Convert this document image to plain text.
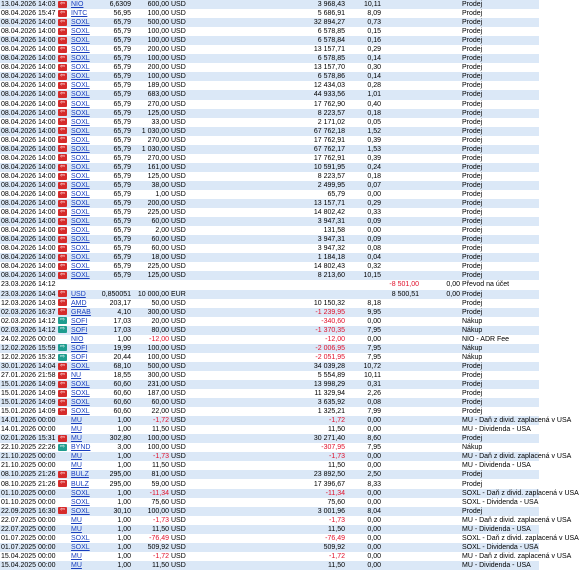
13.04.2026 14:03	⇦	NIO	6,6309	600,00	USD	3 968,43	10,11			Prodej
08.04.2026 15:47	⇦	INTC	56,95	100,00	USD	5 686,91	8,09			Prodej
08.04.2026 14:00	⇦	SOXL	65,79	500,00	USD	32 894,27	0,73			Prodej
08.04.2026 14:00	⇦	SOXL	65,79	100,00	USD	6 578,85	0,15			Prodej
08.04.2026 14:00	⇦	SOXL	65,79	100,00	USD	6 578,84	0,16			Prodej
08.04.2026 14:00	⇦	SOXL	65,79	200,00	USD	13 157,71	0,29			Prodej
08.04.2026 14:00	⇦	SOXL	65,79	100,00	USD	6 578,85	0,14			Prodej
08.04.2026 14:00	⇦	SOXL	65,79	200,00	USD	13 157,70	0,30			Prodej
08.04.2026 14:00	⇦	SOXL	65,79	100,00	USD	6 578,86	0,14			Prodej
08.04.2026 14:00	⇦	SOXL	65,79	189,00	USD	12 434,03	0,28			Prodej
08.04.2026 14:00	⇦	SOXL	65,79	683,00	USD	44 933,56	1,01			Prodej
08.04.2026 14:00	⇦	SOXL	65,79	270,00	USD	17 762,90	0,40			Prodej
08.04.2026 14:00	⇦	SOXL	65,79	125,00	USD	8 223,57	0,18			Prodej
08.04.2026 14:00	⇦	SOXL	65,79	33,00	USD	2 171,02	0,05			Prodej
08.04.2026 14:00	⇦	SOXL	65,79	1 030,00	USD	67 762,18	1,52			Prodej
08.04.2026 14:00	⇦	SOXL	65,79	270,00	USD	17 762,91	0,39			Prodej
08.04.2026 14:00	⇦	SOXL	65,79	1 030,00	USD	67 762,17	1,53			Prodej
08.04.2026 14:00	⇦	SOXL	65,79	270,00	USD	17 762,91	0,39			Prodej
08.04.2026 14:00	⇦	SOXL	65,79	161,00	USD	10 591,95	0,24			Prodej
08.04.2026 14:00	⇦	SOXL	65,79	125,00	USD	8 223,57	0,18			Prodej
08.04.2026 14:00	⇦	SOXL	65,79	38,00	USD	2 499,95	0,07			Prodej
08.04.2026 14:00	⇦	SOXL	65,79	1,00	USD	65,79	0,00			Prodej
08.04.2026 14:00	⇦	SOXL	65,79	200,00	USD	13 157,71	0,29			Prodej
08.04.2026 14:00	⇦	SOXL	65,79	225,00	USD	14 802,42	0,33			Prodej
08.04.2026 14:00	⇦	SOXL	65,79	60,00	USD	3 947,31	0,09			Prodej
08.04.2026 14:00	⇦	SOXL	65,79	2,00	USD	131,58	0,00			Prodej
08.04.2026 14:00	⇦	SOXL	65,79	60,00	USD	3 947,31	0,09			Prodej
08.04.2026 14:00	⇦	SOXL	65,79	60,00	USD	3 947,32	0,08			Prodej
08.04.2026 14:00	⇦	SOXL	65,79	18,00	USD	1 184,18	0,04			Prodej
08.04.2026 14:00	⇦	SOXL	65,79	225,00	USD	14 802,43	0,32			Prodej
08.04.2026 14:00	⇦	SOXL	65,79	125,00	USD	8 213,60	10,15			Prodej
23.03.2026 14:12								-8 501,00	0,00	Převod na účet
23.03.2026 14:04	⇦	USD	0,850051	10 000,00	EUR			8 500,51	0,00	Prodej
12.03.2026 14:03	⇦	AMD	203,17	50,00	USD	10 150,32	8,18			Prodej
02.03.2026 16:37	⇦	GRAB	4,10	300,00	USD	-1 239,95	9,95			Prodej
02.03.2026 14:12	⇨	SOFI	17,03	20,00	USD	-340,60	0,00			Nákup
02.03.2026 14:12	⇨	SOFI	17,03	80,00	USD	-1 370,35	7,95			Nákup
24.02.2026 00:00		NIO	1,00	-12,00	USD	-12,00	0,00			NIO - ADR Fee
12.02.2026 15:59	⇨	SOFI	19,99	100,00	USD	-2 006,95	7,95			Nákup
12.02.2026 15:32	⇨	SOFI	20,44	100,00	USD	-2 051,95	7,95			Nákup
30.01.2026 14:04	⇦	SOXL	68,10	500,00	USD	34 039,28	10,72			Prodej
27.01.2026 21:58	⇦	NU	18,55	300,00	USD	5 554,89	10,11			Prodej
15.01.2026 14:09	⇦	SOXL	60,60	231,00	USD	13 998,29	0,31			Prodej
15.01.2026 14:09	⇦	SOXL	60,60	187,00	USD	11 329,94	2,26			Prodej
15.01.2026 14:09	⇦	SOXL	60,60	60,00	USD	3 635,92	0,08			Prodej
15.01.2026 14:09	⇦	SOXL	60,60	22,00	USD	1 325,21	7,99			Prodej
14.01.2026 00:00		MU	1,00	-1,72	USD	-1,72	0,00			MU - Daň z divid. zaplacená v USA
14.01.2026 00:00		MU	1,00	11,50	USD	11,50	0,00			MU - Dividenda - USA
02.01.2026 15:31	⇦	MU	302,80	100,00	USD	30 271,40	8,60			Prodej
22.10.2025 22:26	⇨	BYND	3,00	100,00	USD	-307,95	7,95			Nákup
21.10.2025 00:00		MU	1,00	-1,73	USD	-1,73	0,00			MU - Daň z divid. zaplacená v USA
21.10.2025 00:00		MU	1,00	11,50	USD	11,50	0,00			MU - Dividenda - USA
08.10.2025 21:26	⇦	BULZ	295,00	81,00	USD	23 892,50	2,50			Prodej
08.10.2025 21:26	⇦	BULZ	295,00	59,00	USD	17 396,67	8,33			Prodej
01.10.2025 00:00		SOXL	1,00	-11,34	USD	-11,34	0,00			SOXL - Daň z divid. zaplacená v USA
01.10.2025 00:00		SOXL	1,00	75,60	USD	75,60	0,00			SOXL - Dividenda - USA
22.09.2025 16:30	⇦	SOXL	30,10	100,00	USD	3 001,96	8,04			Prodej
22.07.2025 00:00		MU	1,00	-1,73	USD	-1,73	0,00			MU - Daň z divid. zaplacená v USA
22.07.2025 00:00		MU	1,00	11,50	USD	11,50	0,00			MU - Dividenda - USA
01.07.2025 00:00		SOXL	1,00	-76,49	USD	-76,49	0,00			SOXL - Daň z divid. zaplacená v USA
01.07.2025 00:00		SOXL	1,00	509,92	USD	509,92	0,00			SOXL - Dividenda - USA
15.04.2025 00:00		MU	1,00	-1,72	USD	-1,72	0,00			MU - Daň z divid. zaplacená v USA
15.04.2025 00:00		MU	1,00	11,50	USD	11,50	0,00			MU - Dividenda - USA
